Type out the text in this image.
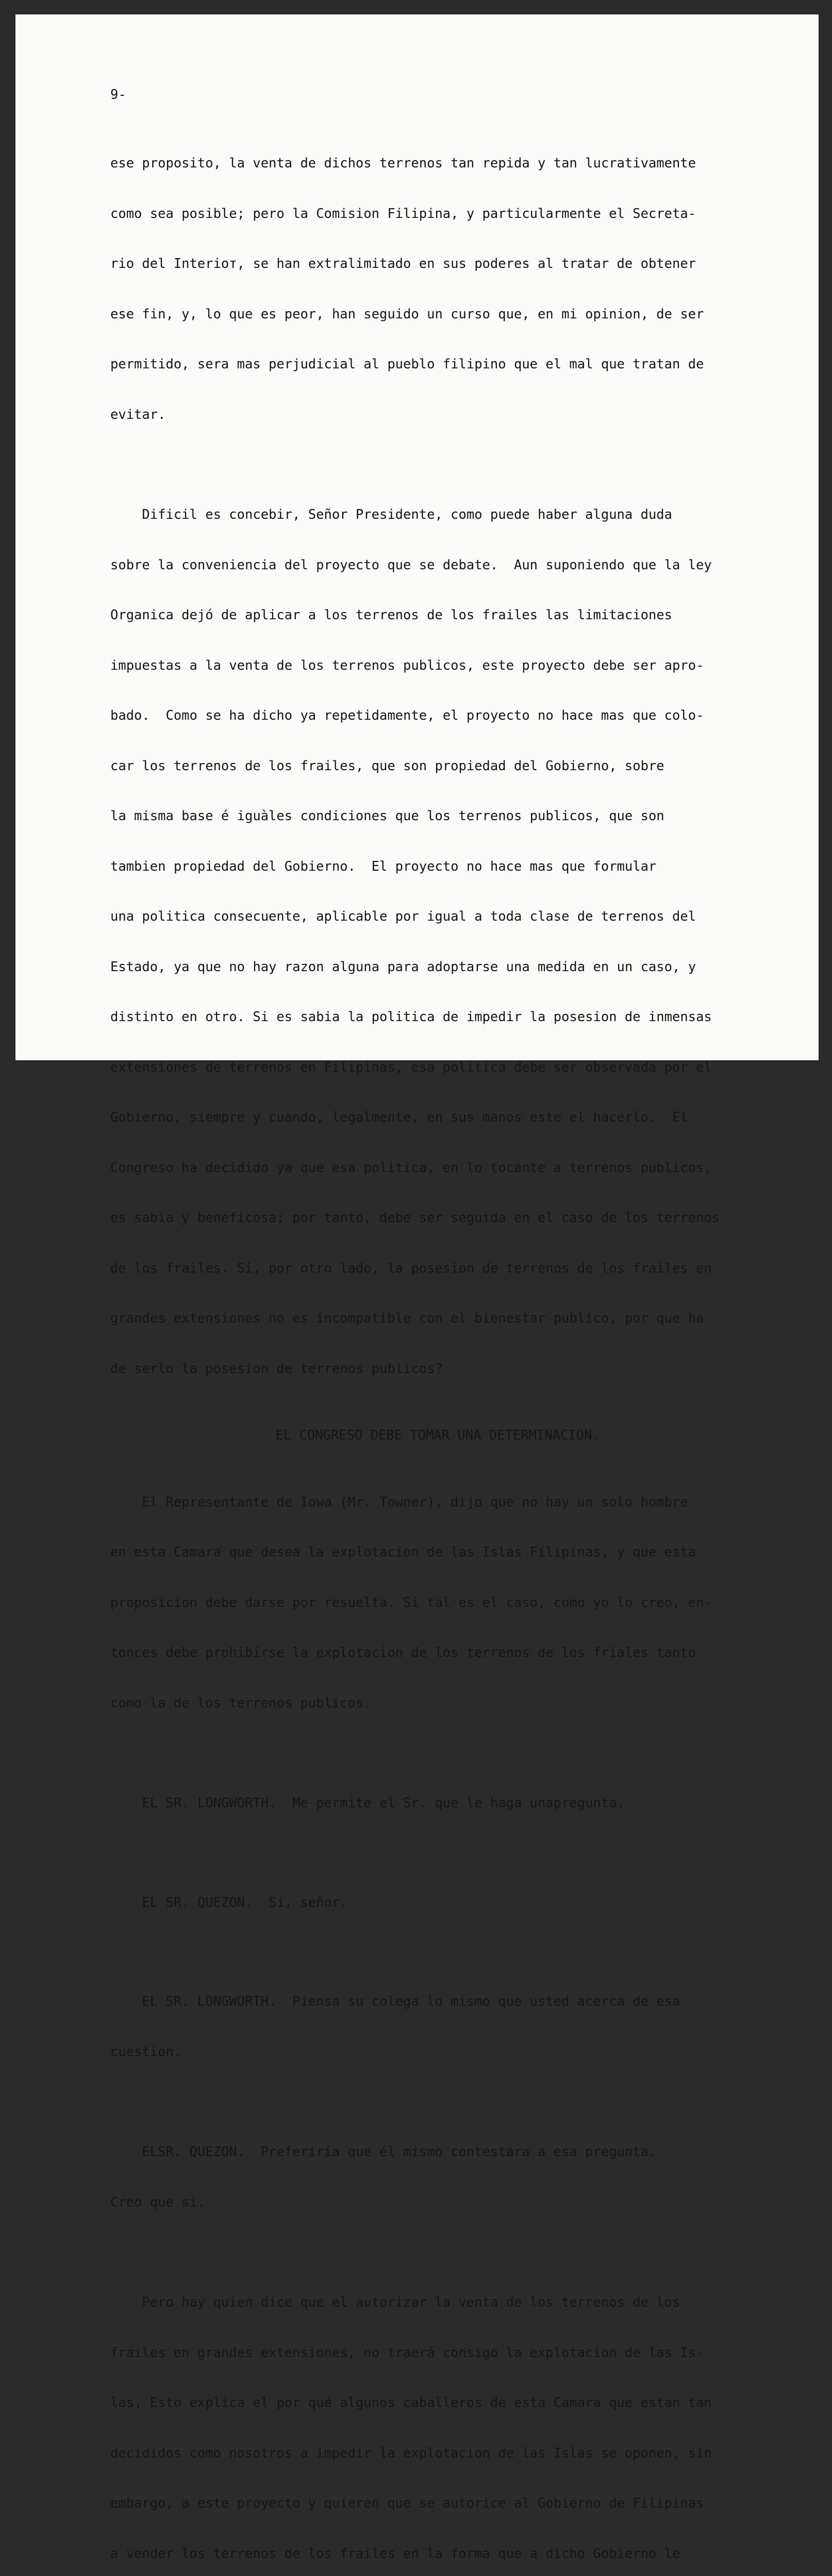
9-

ese proposito, la venta de dichos terrenos tan repida y tan lucrativamente

como sea posible; pero la Comision Filipina, y particularmente el Secreta-

rio del Interioт, se han extralimitado en sus poderes al tratar de obtener

ese fin, y, lo que es peor, han seguido un curso que, en mi opinion, de ser

permitido, sera mas perjudicial al pueblo filipino que el mal que tratan de

evitar.

Dificil es concebir, Señor Presidente, como puede haber alguna duda

sobre la conveniencia del proyecto que se debate.  Aun suponiendo que la ley

Organica dejó de aplicar a los terrenos de los frailes las limitaciones

impuestas a la venta de los terrenos publicos, este proyecto debe ser apro-

bado.  Como se ha dicho ya repetidamente, el proyecto no hace mas que colo-

car los terrenos de los frailes, que son propiedad del Gobierno, sobre

la misma base é iguàles condiciones que los terrenos publicos, que son

tambien propiedad del Gobierno.  El proyecto no hace mas que formular

una politica consecuente, aplicable por igual a toda clase de terrenos del

Estado, ya que no hay razon alguna para adoptarse una medida en un caso, y

distinto en otro. Si es sabia la politica de impedir la posesion de inmensas

extensiones de terrenos en Filipinas, esa politica debe ser observada por el

Gobierno, siempre y cuando, legalmente, en sus manos este el hacerlo.  El

Congreso ha decidido ya que esa politica, en lo tocante a terrenos publicos,

es sabia y beneficosa; por tanto, debe ser seguida en el caso de los terrenos

de los frailes. Si, por otro lado, la posesion de terrenos de los frailes en

grandes extensiones no es incompatible con el bienestar publico, por que ha

de serlo la posesion de terrenos publicos?

EL CONGRESO DEBE TOMAR UNA DETERMINACION.

El Representante de Iowa (Mr. Towner), dijo que no hay un solo hombre

en esta Camara que desea la explotacion de las Islas Filipinas, y que esta

proposicion debe darse por resuelta. Si tal es el caso, como yo lo creo, en-

tonces debe prohibirse la explotacion de los terrenos de los friales tanto

como la de los terrenos publicos.

EL SR. LONGWORTH.  Me permite el Sr. que le haga unapregunta.

EL SR. QUEZON.  Si, señor.

EL SR. LONGWORTH.  Piensa su colega lo mismo que usted acerca de esa

cuestion.

ELSR. QUEZON.  Preferiría que él mismo contestara a esa pregunta.

Creo que si.

Pero hay quien dice que el autorizar la venta de los terrenos de los

frailes en grandes extensiones, no traerá consigo la explotacion de las Is-

las, Esto explica el por qué algunos caballeros de esta Camara que estan tan

decididos como nosotros a impedir la explotacion de las Islas se oponen, sin

embargo, a este proyecto y quieren que se autorice al Gobierno de Filipinas

a vender los terrenos de los frailes en la forma que a dicho Gobierno le
